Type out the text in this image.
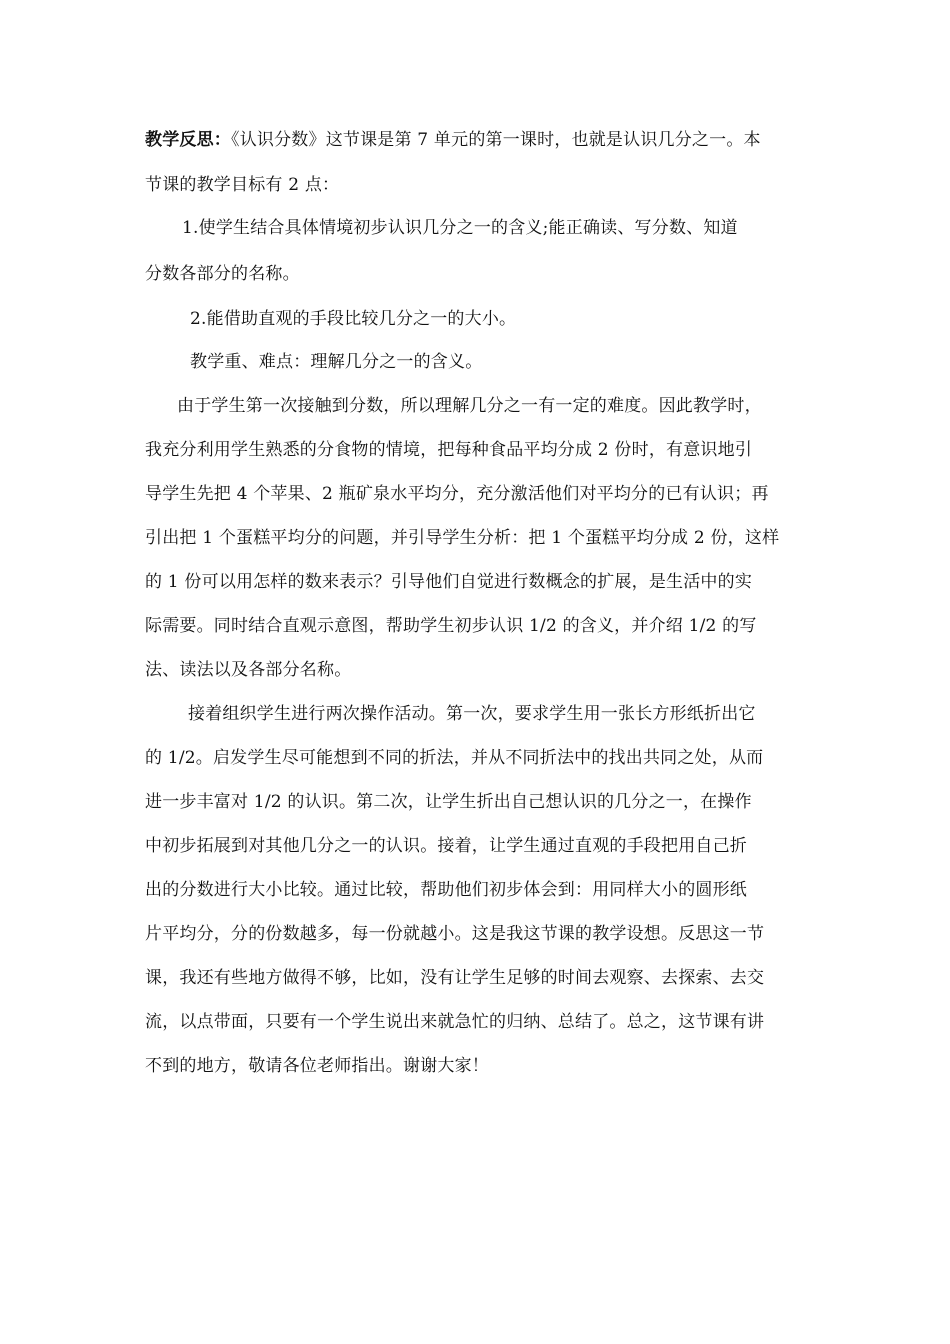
教学反思：《认识分数》这节课是第 7 单元的第一课时，也就是认识几分之一。本

节课的教学目标有 2 点：

1.使学生结合具体情境初步认识几分之一的含义;能正确读、写分数、知道

分数各部分的名称。

2.能借助直观的手段比较几分之一的大小。

教学重、难点：理解几分之一的含义。

由于学生第一次接触到分数，所以理解几分之一有一定的难度。因此教学时，

我充分利用学生熟悉的分食物的情境，把每种食品平均分成 2 份时，有意识地引

导学生先把 4 个苹果、2 瓶矿泉水平均分，充分激活他们对平均分的已有认识；再

引出把 1 个蛋糕平均分的问题，并引导学生分析：把 1 个蛋糕平均分成 2 份，这样

的 1 份可以用怎样的数来表示？引导他们自觉进行数概念的扩展，是生活中的实

际需要。同时结合直观示意图，帮助学生初步认识 1/2 的含义，并介绍 1/2 的写

法、读法以及各部分名称。

接着组织学生进行两次操作活动。第一次，要求学生用一张长方形纸折出它

的 1/2。启发学生尽可能想到不同的折法，并从不同折法中的找出共同之处，从而

进一步丰富对 1/2 的认识。第二次，让学生折出自己想认识的几分之一，在操作

中初步拓展到对其他几分之一的认识。接着，让学生通过直观的手段把用自己折

出的分数进行大小比较。通过比较，帮助他们初步体会到：用同样大小的圆形纸

片平均分，分的份数越多，每一份就越小。这是我这节课的教学设想。反思这一节

课，我还有些地方做得不够，比如，没有让学生足够的时间去观察、去探索、去交

流，以点带面，只要有一个学生说出来就急忙的归纳、总结了。总之，这节课有讲

不到的地方，敬请各位老师指出。谢谢大家！
